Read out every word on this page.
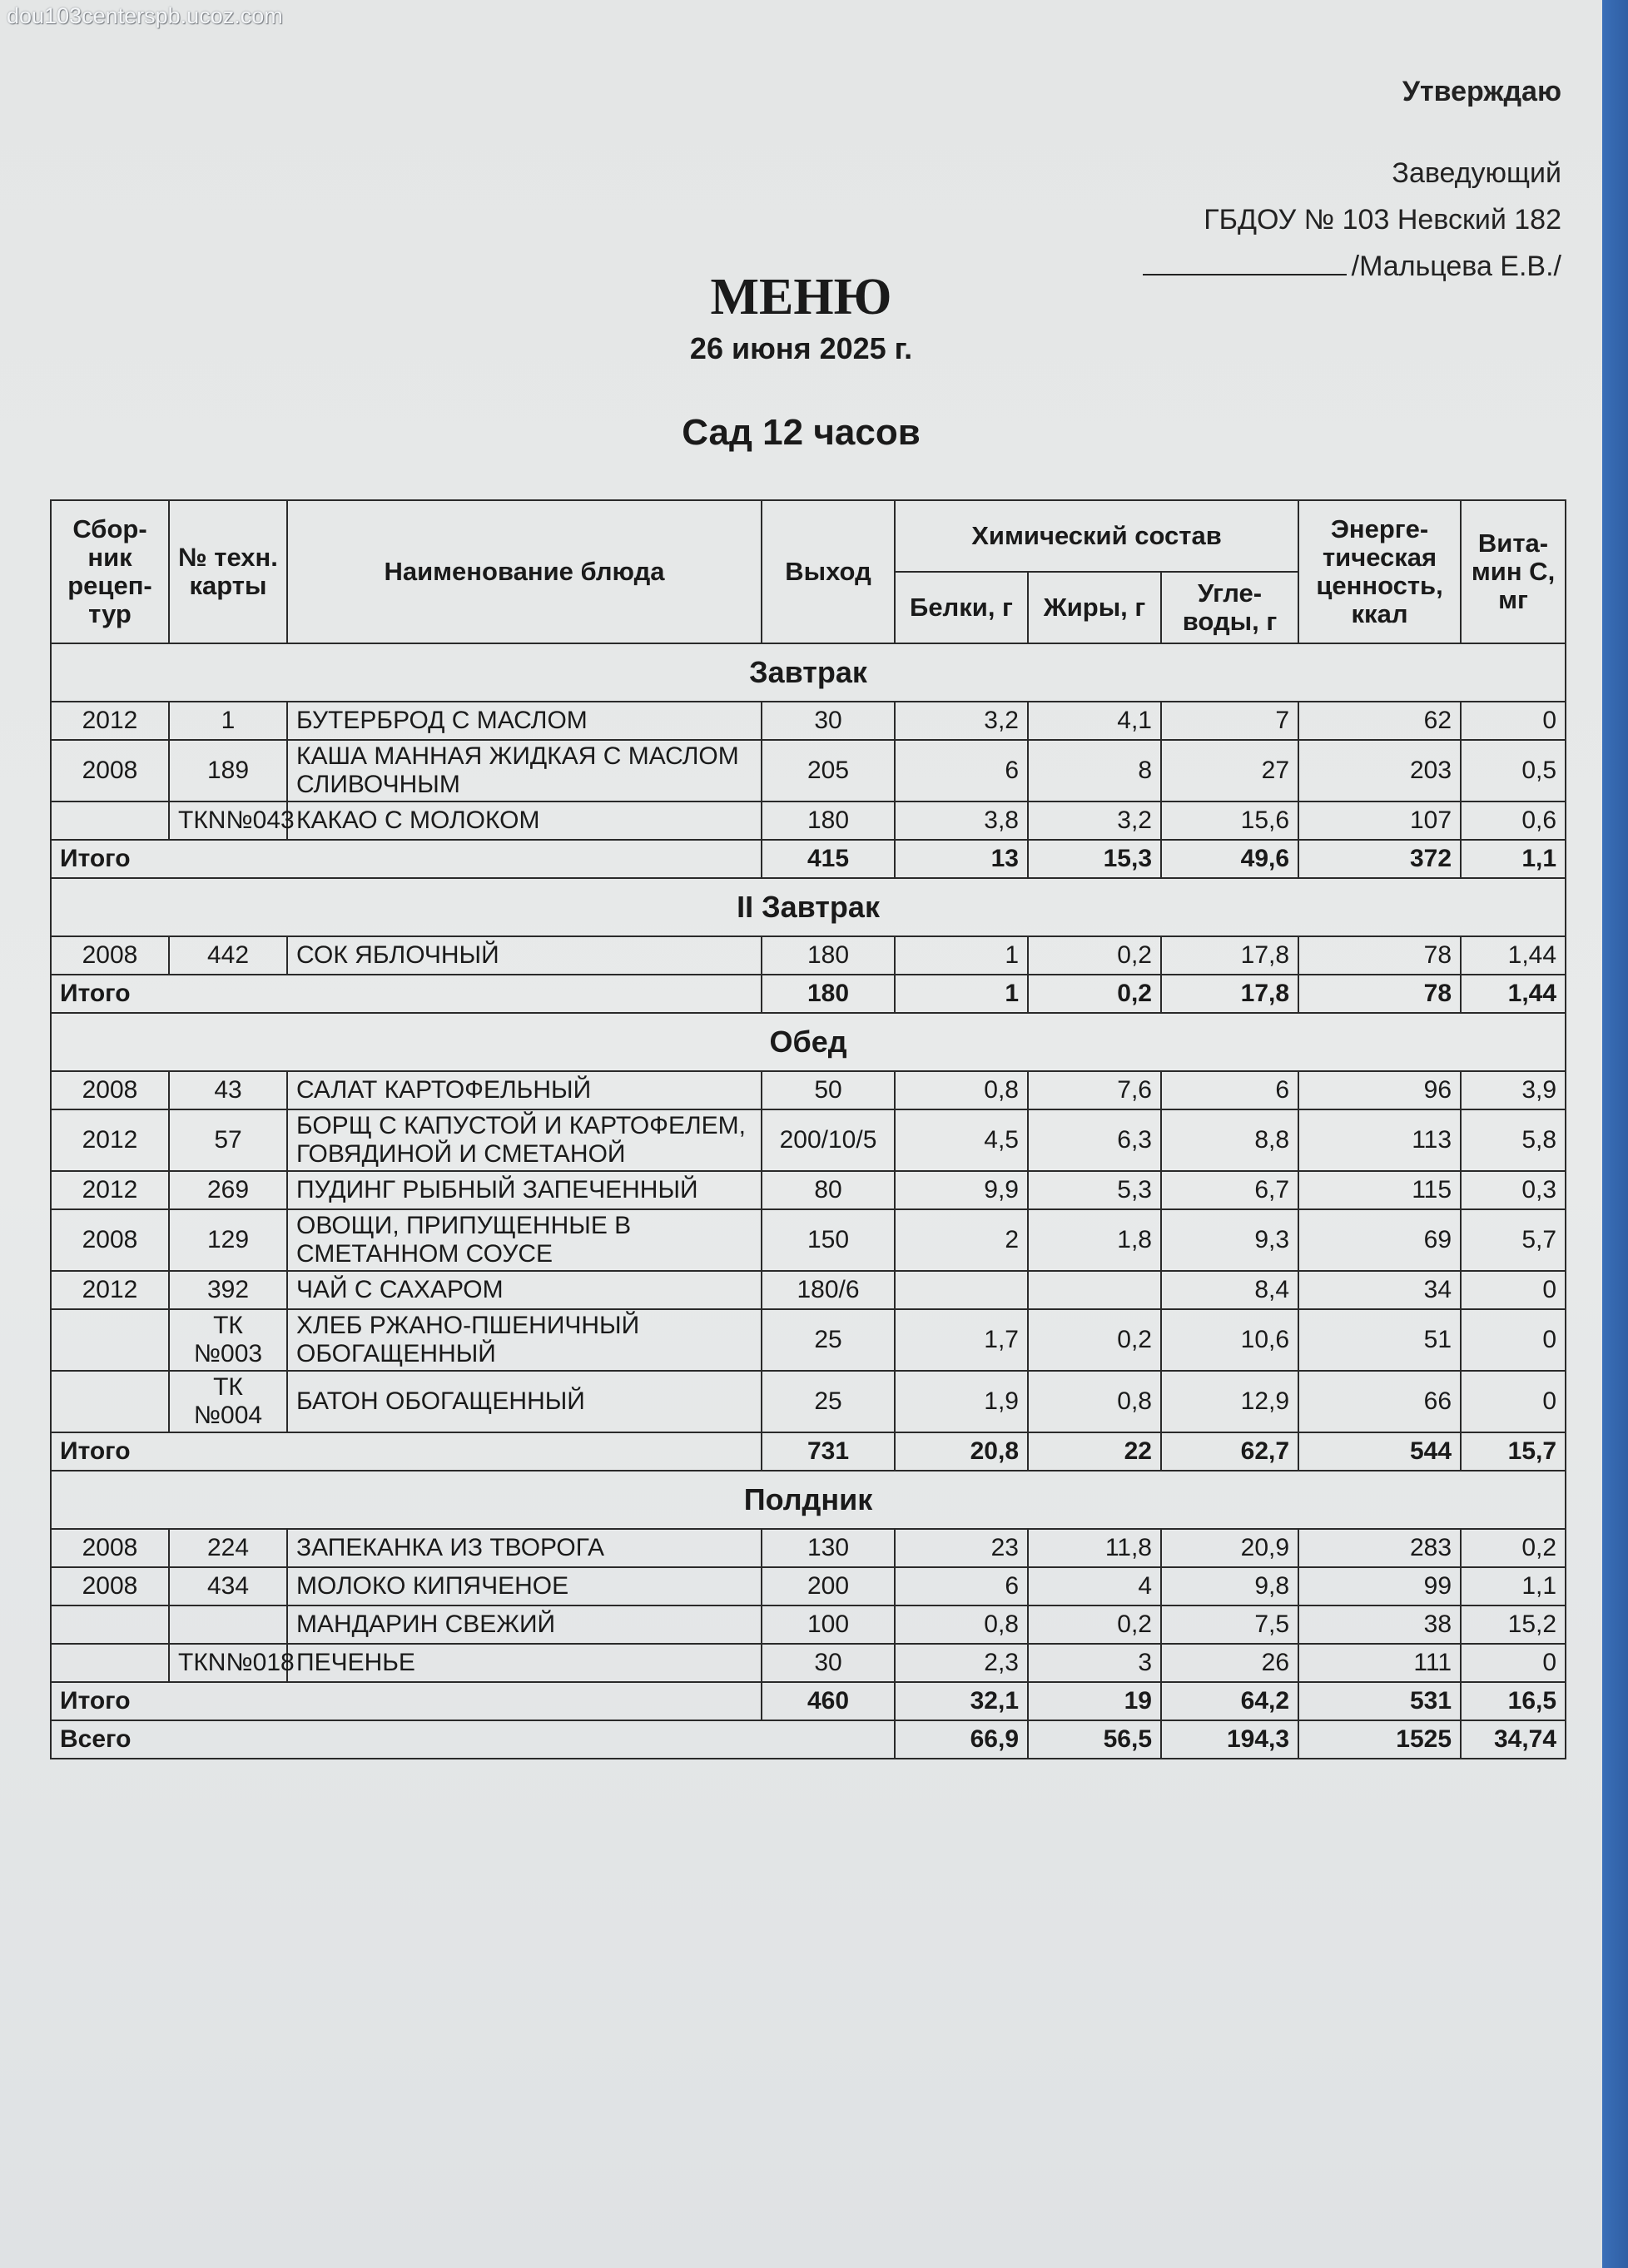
dou103centerspb.ucoz.com
Утверждаю
Заведующий
ГБДОУ № 103 Невский 182
/Мальцева Е.В./
МЕНЮ
26 июня 2025 г.
Сад 12 часов
Сбор-ник рецеп-тур	№ техн. карты	Наименование блюда	Выход	Химический состав			Энерге-тическая ценность, ккал	Вита-мин С, мг
				Белки, г	Жиры, г	Угле-воды, г		
Завтрак								
2012	1	БУТЕРБРОД С МАСЛОМ	30	3,2	4,1	7	62	0
2008	189	КАША МАННАЯ ЖИДКАЯ С МАСЛОМ СЛИВОЧНЫМ	205	6	8	27	203	0,5
	ТКN№043	КАКАО С МОЛОКОМ	180	3,8	3,2	15,6	107	0,6
Итого			415	13	15,3	49,6	372	1,1
II Завтрак								
2008	442	СОК ЯБЛОЧНЫЙ	180	1	0,2	17,8	78	1,44
Итого			180	1	0,2	17,8	78	1,44
Обед								
2008	43	САЛАТ КАРТОФЕЛЬНЫЙ	50	0,8	7,6	6	96	3,9
2012	57	БОРЩ С КАПУСТОЙ И КАРТОФЕЛЕМ, ГОВЯДИНОЙ И СМЕТАНОЙ	200/10/5	4,5	6,3	8,8	113	5,8
2012	269	ПУДИНГ РЫБНЫЙ ЗАПЕЧЕННЫЙ	80	9,9	5,3	6,7	115	0,3
2008	129	ОВОЩИ, ПРИПУЩЕННЫЕ В СМЕТАННОМ СОУСЕ	150	2	1,8	9,3	69	5,7
2012	392	ЧАЙ С САХАРОМ	180/6			8,4	34	0
	ТК №003	ХЛЕБ РЖАНО-ПШЕНИЧНЫЙ ОБОГАЩЕННЫЙ	25	1,7	0,2	10,6	51	0
	ТК №004	БАТОН ОБОГАЩЕННЫЙ	25	1,9	0,8	12,9	66	0
Итого			731	20,8	22	62,7	544	15,7
Полдник								
2008	224	ЗАПЕКАНКА ИЗ ТВОРОГА	130	23	11,8	20,9	283	0,2
2008	434	МОЛОКО КИПЯЧЕНОЕ	200	6	4	9,8	99	1,1
		МАНДАРИН СВЕЖИЙ	100	0,8	0,2	7,5	38	15,2
	ТКN№018	ПЕЧЕНЬЕ	30	2,3	3	26	111	0
Итого			460	32,1	19	64,2	531	16,5
Всего				66,9	56,5	194,3	1525	34,74
